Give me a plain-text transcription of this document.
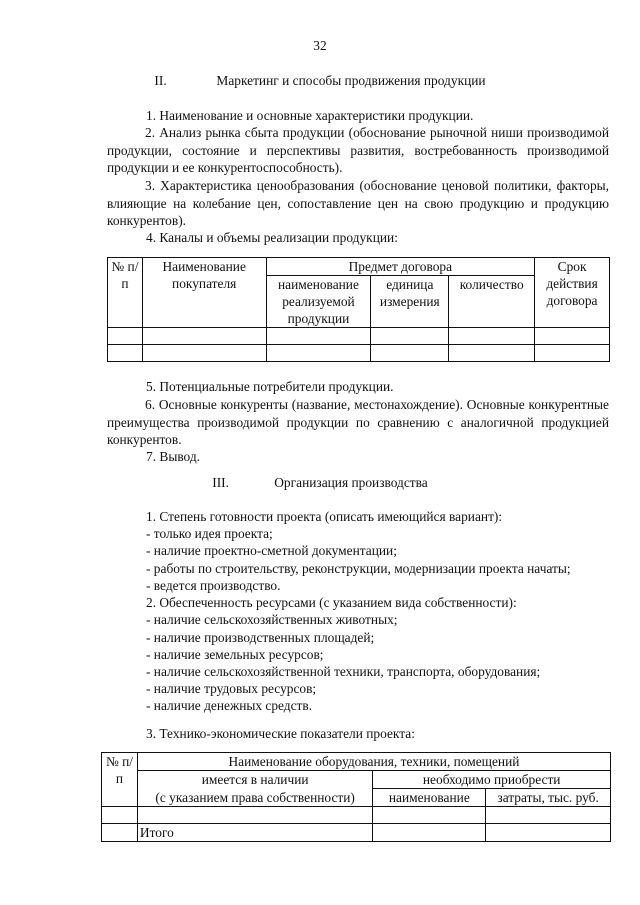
32
II.	Маркетинг и способы продвижения продукции
1. Наименование и основные характеристики продукции.
2. Анализ рынка сбыта продукции (обоснование рыночной ниши производимой продукции, состояние и перспективы развития, востребованность производимой продукции и ее конкурентоспособность).
3. Характеристика ценообразования (обоснование ценовой политики, факторы, влияющие на колебание цен, сопоставление цен на свою продукцию и продукцию конкурентов).
4. Каналы и объемы реализации продукции:
№ п/п	Наименование покупателя	Предмет договора			Срок действия договора
		наименование реализуемой продукции	единица измерения	количество	

5. Потенциальные потребители продукции.
6. Основные конкуренты (название, местонахождение). Основные конкурентные преимущества производимой продукции по сравнению с аналогичной продукцией конкурентов.
7. Вывод.
III.	Организация производства
1. Степень готовности проекта (описать имеющийся вариант):
- только идея проекта;
- наличие проектно-сметной документации;
- работы по строительству, реконструкции, модернизации проекта начаты;
- ведется производство.
2. Обеспеченность ресурсами (с указанием вида собственности):
- наличие сельскохозяйственных животных;
- наличие производственных площадей;
- наличие земельных ресурсов;
- наличие сельскохозяйственной техники, транспорта, оборудования;
- наличие трудовых ресурсов;
- наличие денежных средств.
3. Технико-экономические показатели проекта:
№ п/п	Наименование оборудования, техники, помещений		
	имеется в наличии	необходимо приобрести	
	(с указанием права собственности)	наименование	затраты, тыс. руб.

	Итого		
